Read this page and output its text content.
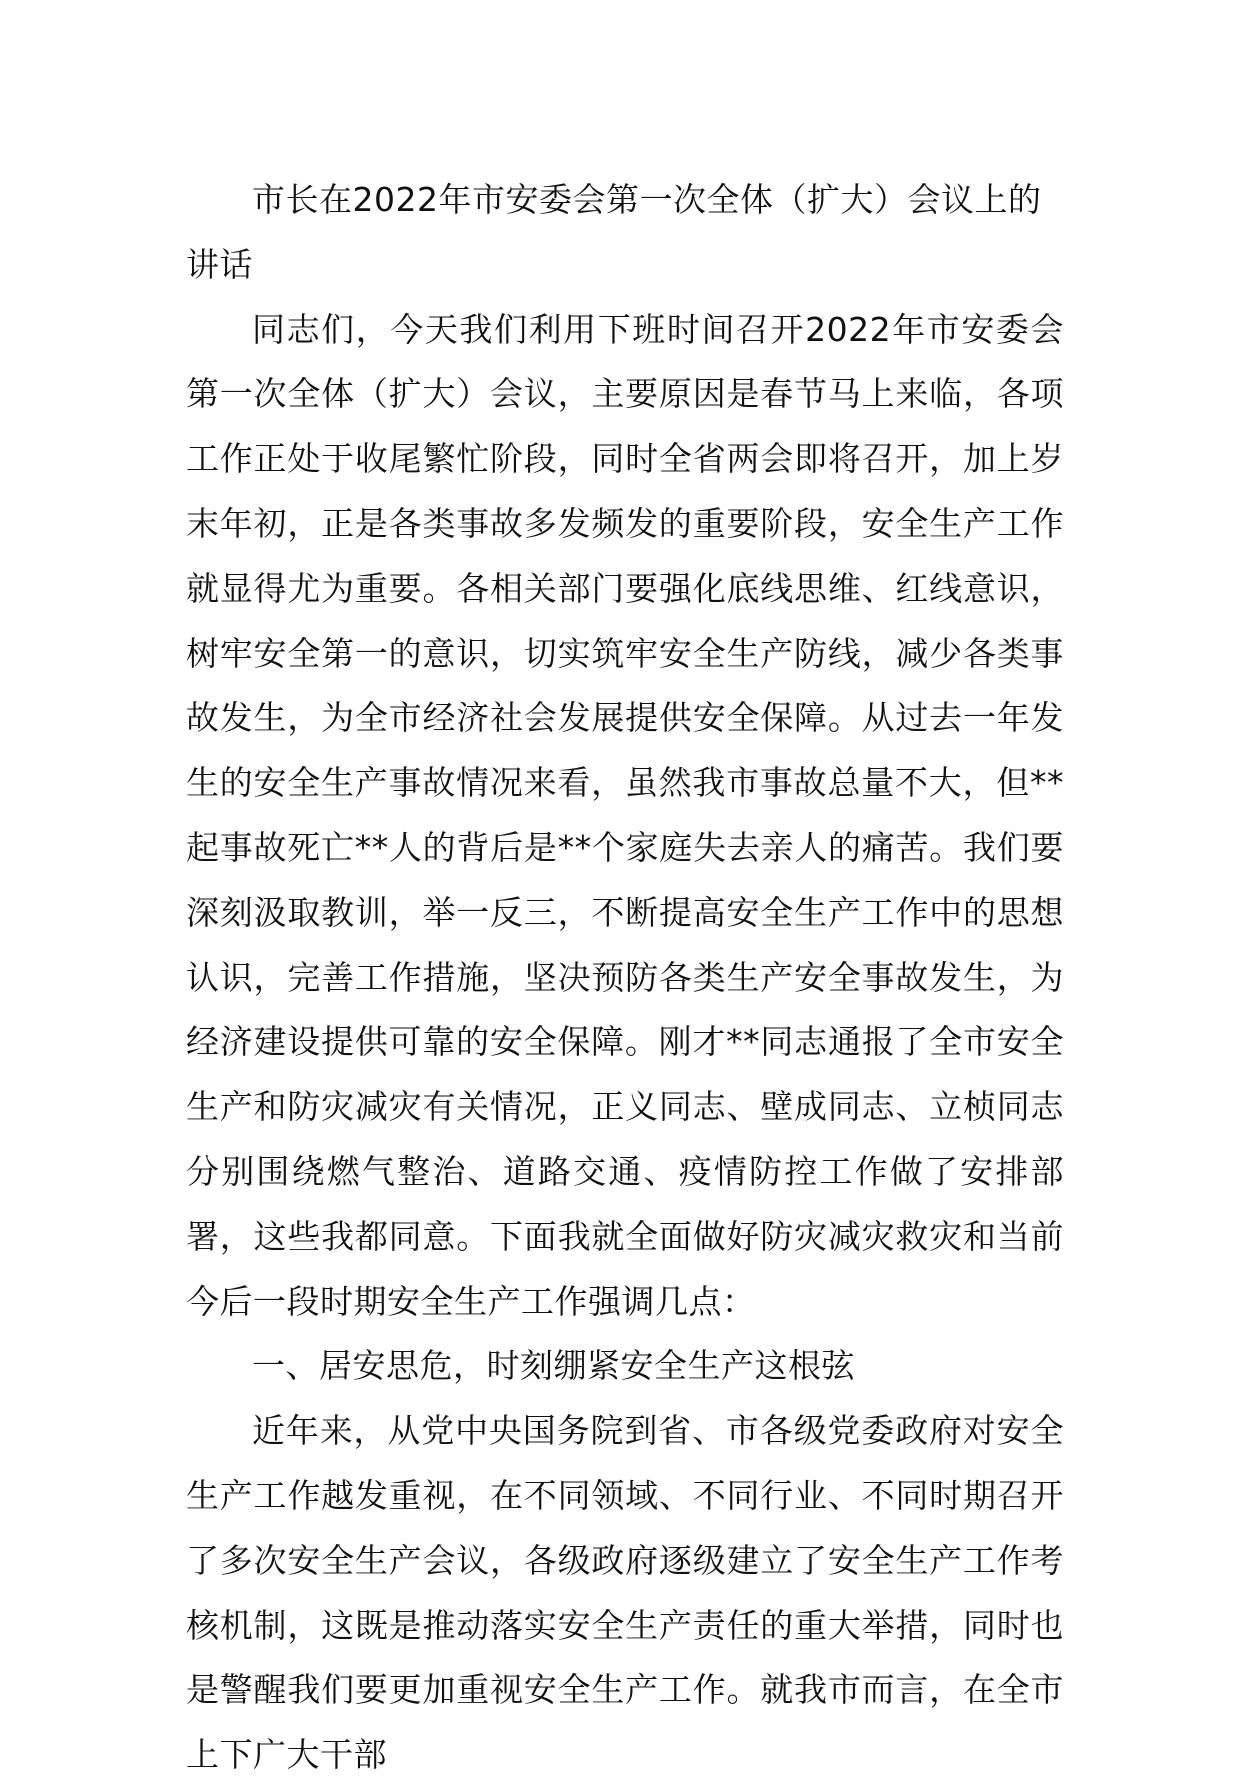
市长在2022年市安委会第一次全体（扩大）会议上的讲话

同志们，今天我们利用下班时间召开2022年市安委会第一次全体（扩大）会议，主要原因是春节马上来临，各项工作正处于收尾繁忙阶段，同时全省两会即将召开，加上岁末年初，正是各类事故多发频发的重要阶段，安全生产工作就显得尤为重要。各相关部门要强化底线思维、红线意识，树牢安全第一的意识，切实筑牢安全生产防线，减少各类事故发生，为全市经济社会发展提供安全保障。从过去一年发生的安全生产事故情况来看，虽然我市事故总量不大，但**起事故死亡**人的背后是**个家庭失去亲人的痛苦。我们要深刻汲取教训，举一反三，不断提高安全生产工作中的思想认识，完善工作措施，坚决预防各类生产安全事故发生，为经济建设提供可靠的安全保障。刚才**同志通报了全市安全生产和防灾减灾有关情况，正义同志、壁成同志、立桢同志分别围绕燃气整治、道路交通、疫情防控工作做了安排部署，这些我都同意。下面我就全面做好防灾减灾救灾和当前今后一段时期安全生产工作强调几点：

一、居安思危，时刻绷紧安全生产这根弦

近年来，从党中央国务院到省、市各级党委政府对安全生产工作越发重视，在不同领域、不同行业、不同时期召开了多次安全生产会议，各级政府逐级建立了安全生产工作考核机制，这既是推动落实安全生产责任的重大举措，同时也是警醒我们要更加重视安全生产工作。就我市而言，在全市上下广大干部
